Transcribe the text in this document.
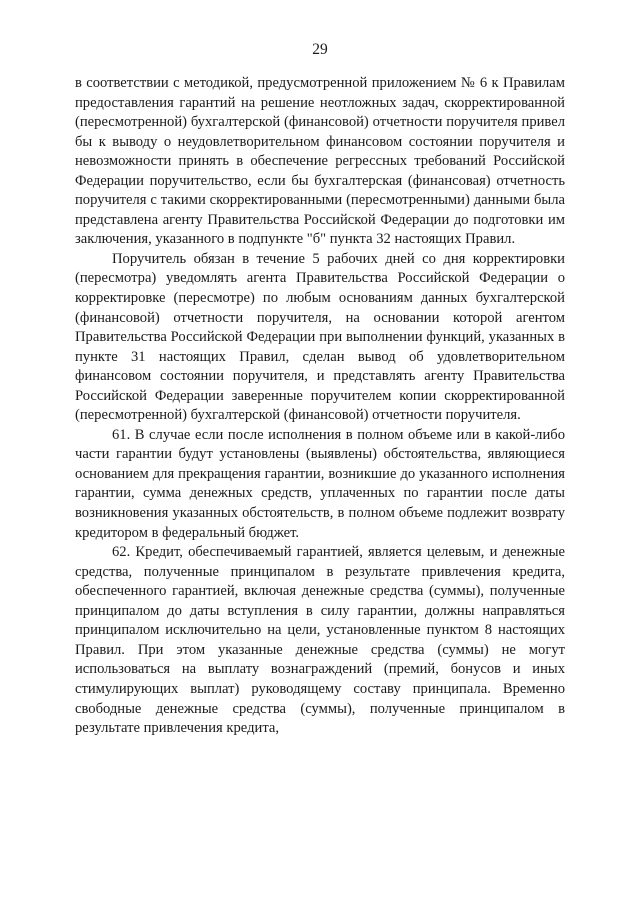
29

в соответствии с методикой, предусмотренной приложением № 6 к Правилам предоставления гарантий на решение неотложных задач, скорректированной (пересмотренной) бухгалтерской (финансовой) отчетности поручителя привел бы к выводу о неудовлетворительном финансовом состоянии поручителя и невозможности принять в обеспечение регрессных требований Российской Федерации поручительство, если бы бухгалтерская (финансовая) отчетность поручителя с такими скорректированными (пересмотренными) данными была представлена агенту Правительства Российской Федерации до подготовки им заключения, указанного в подпункте "б" пункта 32 настоящих Правил.

Поручитель обязан в течение 5 рабочих дней со дня корректировки (пересмотра) уведомлять агента Правительства Российской Федерации о корректировке (пересмотре) по любым основаниям данных бухгалтерской (финансовой) отчетности поручителя, на основании которой агентом Правительства Российской Федерации при выполнении функций, указанных в пункте 31 настоящих Правил, сделан вывод об удовлетворительном финансовом состоянии поручителя, и представлять агенту Правительства Российской Федерации заверенные поручителем копии скорректированной (пересмотренной) бухгалтерской (финансовой) отчетности поручителя.

61. В случае если после исполнения в полном объеме или в какой-либо части гарантии будут установлены (выявлены) обстоятельства, являющиеся основанием для прекращения гарантии, возникшие до указанного исполнения гарантии, сумма денежных средств, уплаченных по гарантии после даты возникновения указанных обстоятельств, в полном объеме подлежит возврату кредитором в федеральный бюджет.

62. Кредит, обеспечиваемый гарантией, является целевым, и денежные средства, полученные принципалом в результате привлечения кредита, обеспеченного гарантией, включая денежные средства (суммы), полученные принципалом до даты вступления в силу гарантии, должны направляться принципалом исключительно на цели, установленные пунктом 8 настоящих Правил. При этом указанные денежные средства (суммы) не могут использоваться на выплату вознаграждений (премий, бонусов и иных стимулирующих выплат) руководящему составу принципала. Временно свободные денежные средства (суммы), полученные принципалом в результате привлечения кредита,
